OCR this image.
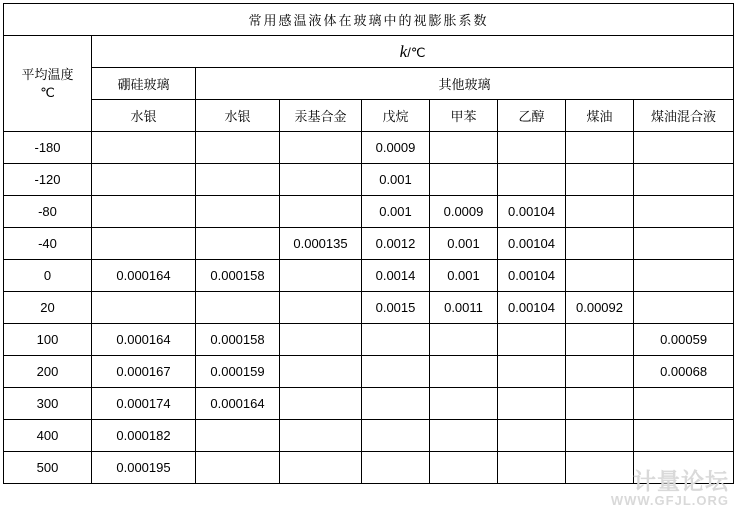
常用感温液体在玻璃中的视膨胀系数								

平均温度
℃	k/℃							
	硼硅玻璃	其他玻璃						
	水银	水银	汞基合金	戊烷	甲苯	乙醇	煤油	煤油混合液
-180				0.0009				
-120				0.001				
-80				0.001	0.0009	0.00104		
-40			0.000135	0.0012	0.001	0.00104		
0	0.000164	0.000158		0.0014	0.001	0.00104		
20				0.0015	0.0011	0.00104	0.00092	
100	0.000164	0.000158						0.00059
200	0.000167	0.000159						0.00068
300	0.000174	0.000164						
400	0.000182							
500	0.000195							
计量论坛
WWW.GFJL.ORG
